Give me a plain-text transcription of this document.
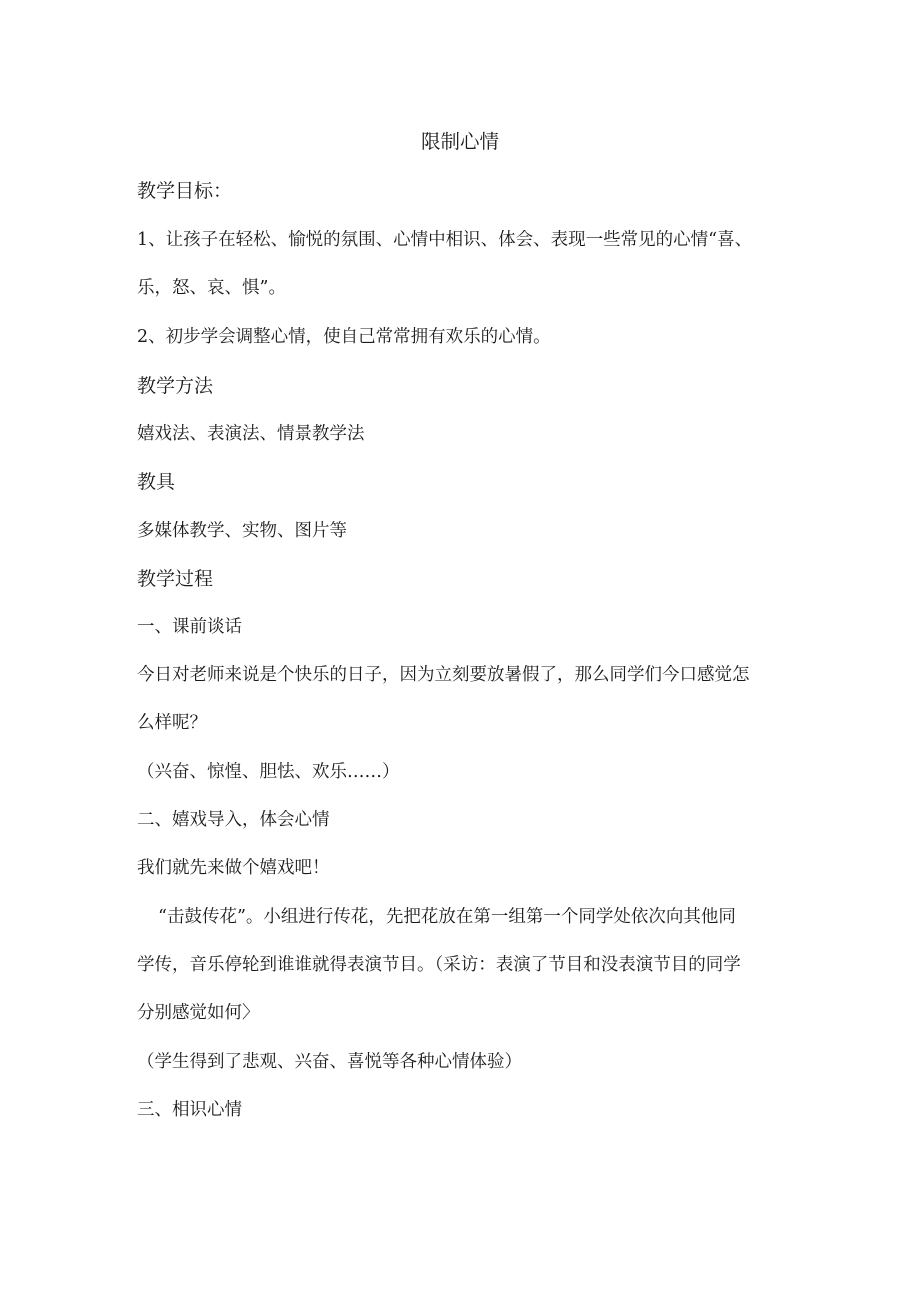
限制心情
教学目标：
1、让孩子在轻松、愉悦的氛围、心情中相识、体会、表现一些常见的心情“喜、
乐，怒、哀、惧”。
2、初步学会调整心情，使自己常常拥有欢乐的心情。
教学方法
嬉戏法、表演法、情景教学法
教具
多媒体教学、实物、图片等
教学过程
一、课前谈话
今日对老师来说是个快乐的日子，因为立刻要放暑假了，那么同学们今口感觉怎
么样呢？
（兴奋、惊惶、胆怯、欢乐……）
二、嬉戏导入，体会心情
我们就先来做个嬉戏吧！
“击鼓传花”。小组进行传花，先把花放在第一组第一个同学处依次向其他同
学传，音乐停轮到谁谁就得表演节目。（采访：表演了节目和没表演节目的同学
分别感觉如何〉
（学生得到了悲观、兴奋、喜悦等各种心情体验）
三、相识心情
